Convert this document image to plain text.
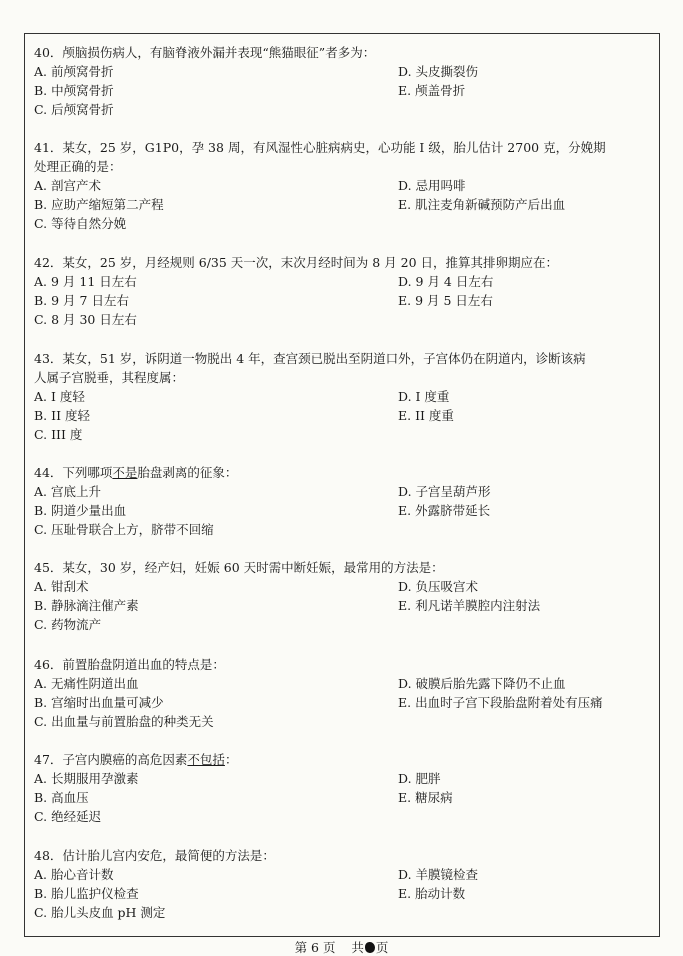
40．颅脑损伤病人，有脑脊液外漏并表现“熊猫眼征”者多为：
A. 前颅窝骨折	D. 头皮撕裂伤
B. 中颅窝骨折	E. 颅盖骨折
C. 后颅窝骨折
41．某女，25 岁，G1P0，孕 38 周，有风湿性心脏病病史，心功能 I 级，胎儿估计 2700 克，分娩期
处理正确的是：
A. 剖宫产术	D. 忌用吗啡
B. 应助产缩短第二产程	E. 肌注麦角新碱预防产后出血
C. 等待自然分娩
42．某女，25 岁，月经规则 6/35 天一次，末次月经时间为 8 月 20 日，推算其排卵期应在：
A. 9 月 11 日左右	D. 9 月 4 日左右
B. 9 月 7 日左右	E. 9 月 5 日左右
C. 8 月 30 日左右
43．某女，51 岁，诉阴道一物脱出 4 年，查宫颈已脱出至阴道口外，子宫体仍在阴道内，诊断该病
人属子宫脱垂，其程度属：
A. I 度轻	D. I 度重
B. II 度轻	E. II 度重
C. III 度
44．下列哪项不是胎盘剥离的征象：
A. 宫底上升	D. 子宫呈葫芦形
B. 阴道少量出血	E. 外露脐带延长
C. 压耻骨联合上方，脐带不回缩
45．某女，30 岁，经产妇，妊娠 60 天时需中断妊娠，最常用的方法是：
A. 钳刮术	D. 负压吸宫术
B. 静脉滴注催产素	E. 利凡诺羊膜腔内注射法
C. 药物流产
46．前置胎盘阴道出血的特点是：
A. 无痛性阴道出血	D. 破膜后胎先露下降仍不止血
B. 宫缩时出血量可减少	E. 出血时子宫下段胎盘附着处有压痛
C. 出血量与前置胎盘的种类无关
47．子宫内膜癌的高危因素不包括：
A. 长期服用孕激素	D. 肥胖
B. 高血压	E. 糖尿病
C. 绝经延迟
48．估计胎儿宫内安危，最简便的方法是：
A. 胎心音计数	D. 羊膜镜检查
B. 胎儿监护仪检查	E. 胎动计数
C. 胎儿头皮血 pH 测定
第 6 页 共 页
